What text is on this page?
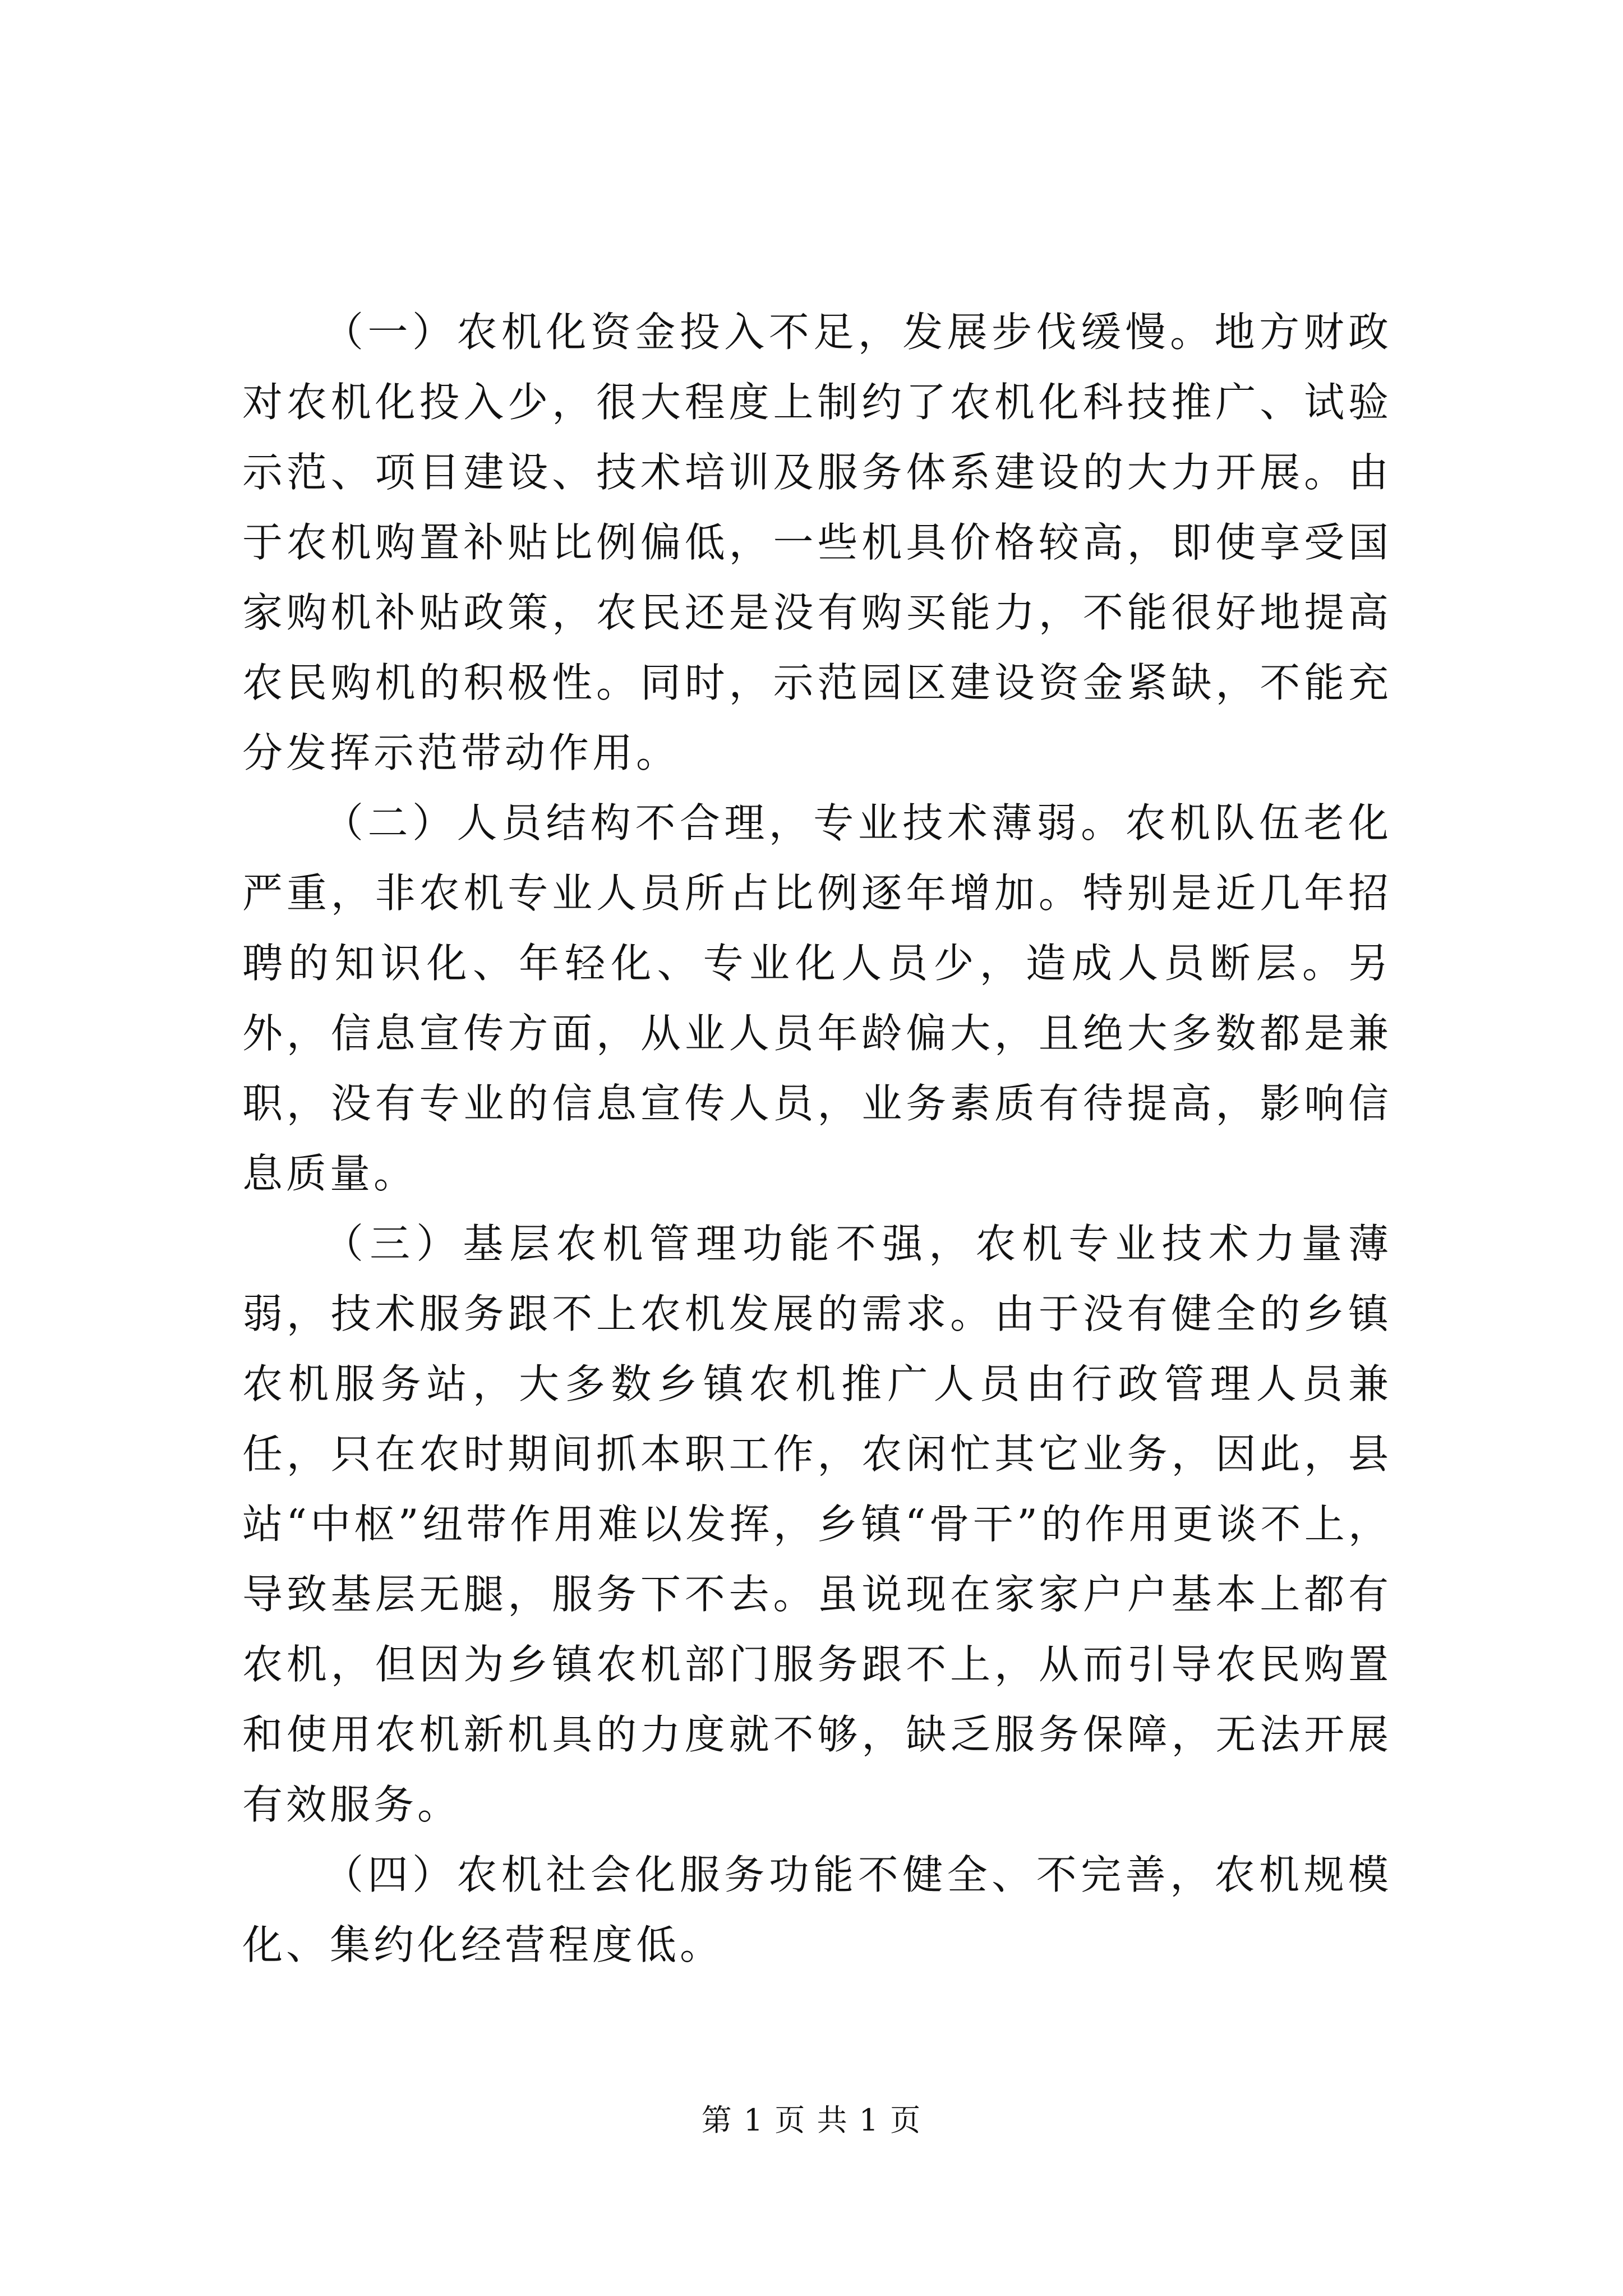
（一）农机化资金投入不足，发展步伐缓慢。地方财政对农机化投入少，很大程度上制约了农机化科技推广、试验示范、项目建设、技术培训及服务体系建设的大力开展。由于农机购置补贴比例偏低，一些机具价格较高，即使享受国家购机补贴政策，农民还是没有购买能力，不能很好地提高农民购机的积极性。同时，示范园区建设资金紧缺，不能充分发挥示范带动作用。

（二）人员结构不合理，专业技术薄弱。农机队伍老化严重，非农机专业人员所占比例逐年增加。特别是近几年招聘的知识化、年轻化、专业化人员少，造成人员断层。另外，信息宣传方面，从业人员年龄偏大，且绝大多数都是兼职，没有专业的信息宣传人员，业务素质有待提高，影响信息质量。

（三）基层农机管理功能不强，农机专业技术力量薄弱，技术服务跟不上农机发展的需求。由于没有健全的乡镇农机服务站，大多数乡镇农机推广人员由行政管理人员兼任，只在农时期间抓本职工作，农闲忙其它业务，因此，县站“中枢”纽带作用难以发挥，乡镇“骨干”的作用更谈不上，导致基层无腿，服务下不去。虽说现在家家户户基本上都有农机，但因为乡镇农机部门服务跟不上，从而引导农民购置和使用农机新机具的力度就不够，缺乏服务保障，无法开展有效服务。

（四）农机社会化服务功能不健全、不完善，农机规模化、集约化经营程度低。

第 1 页 共 1 页
